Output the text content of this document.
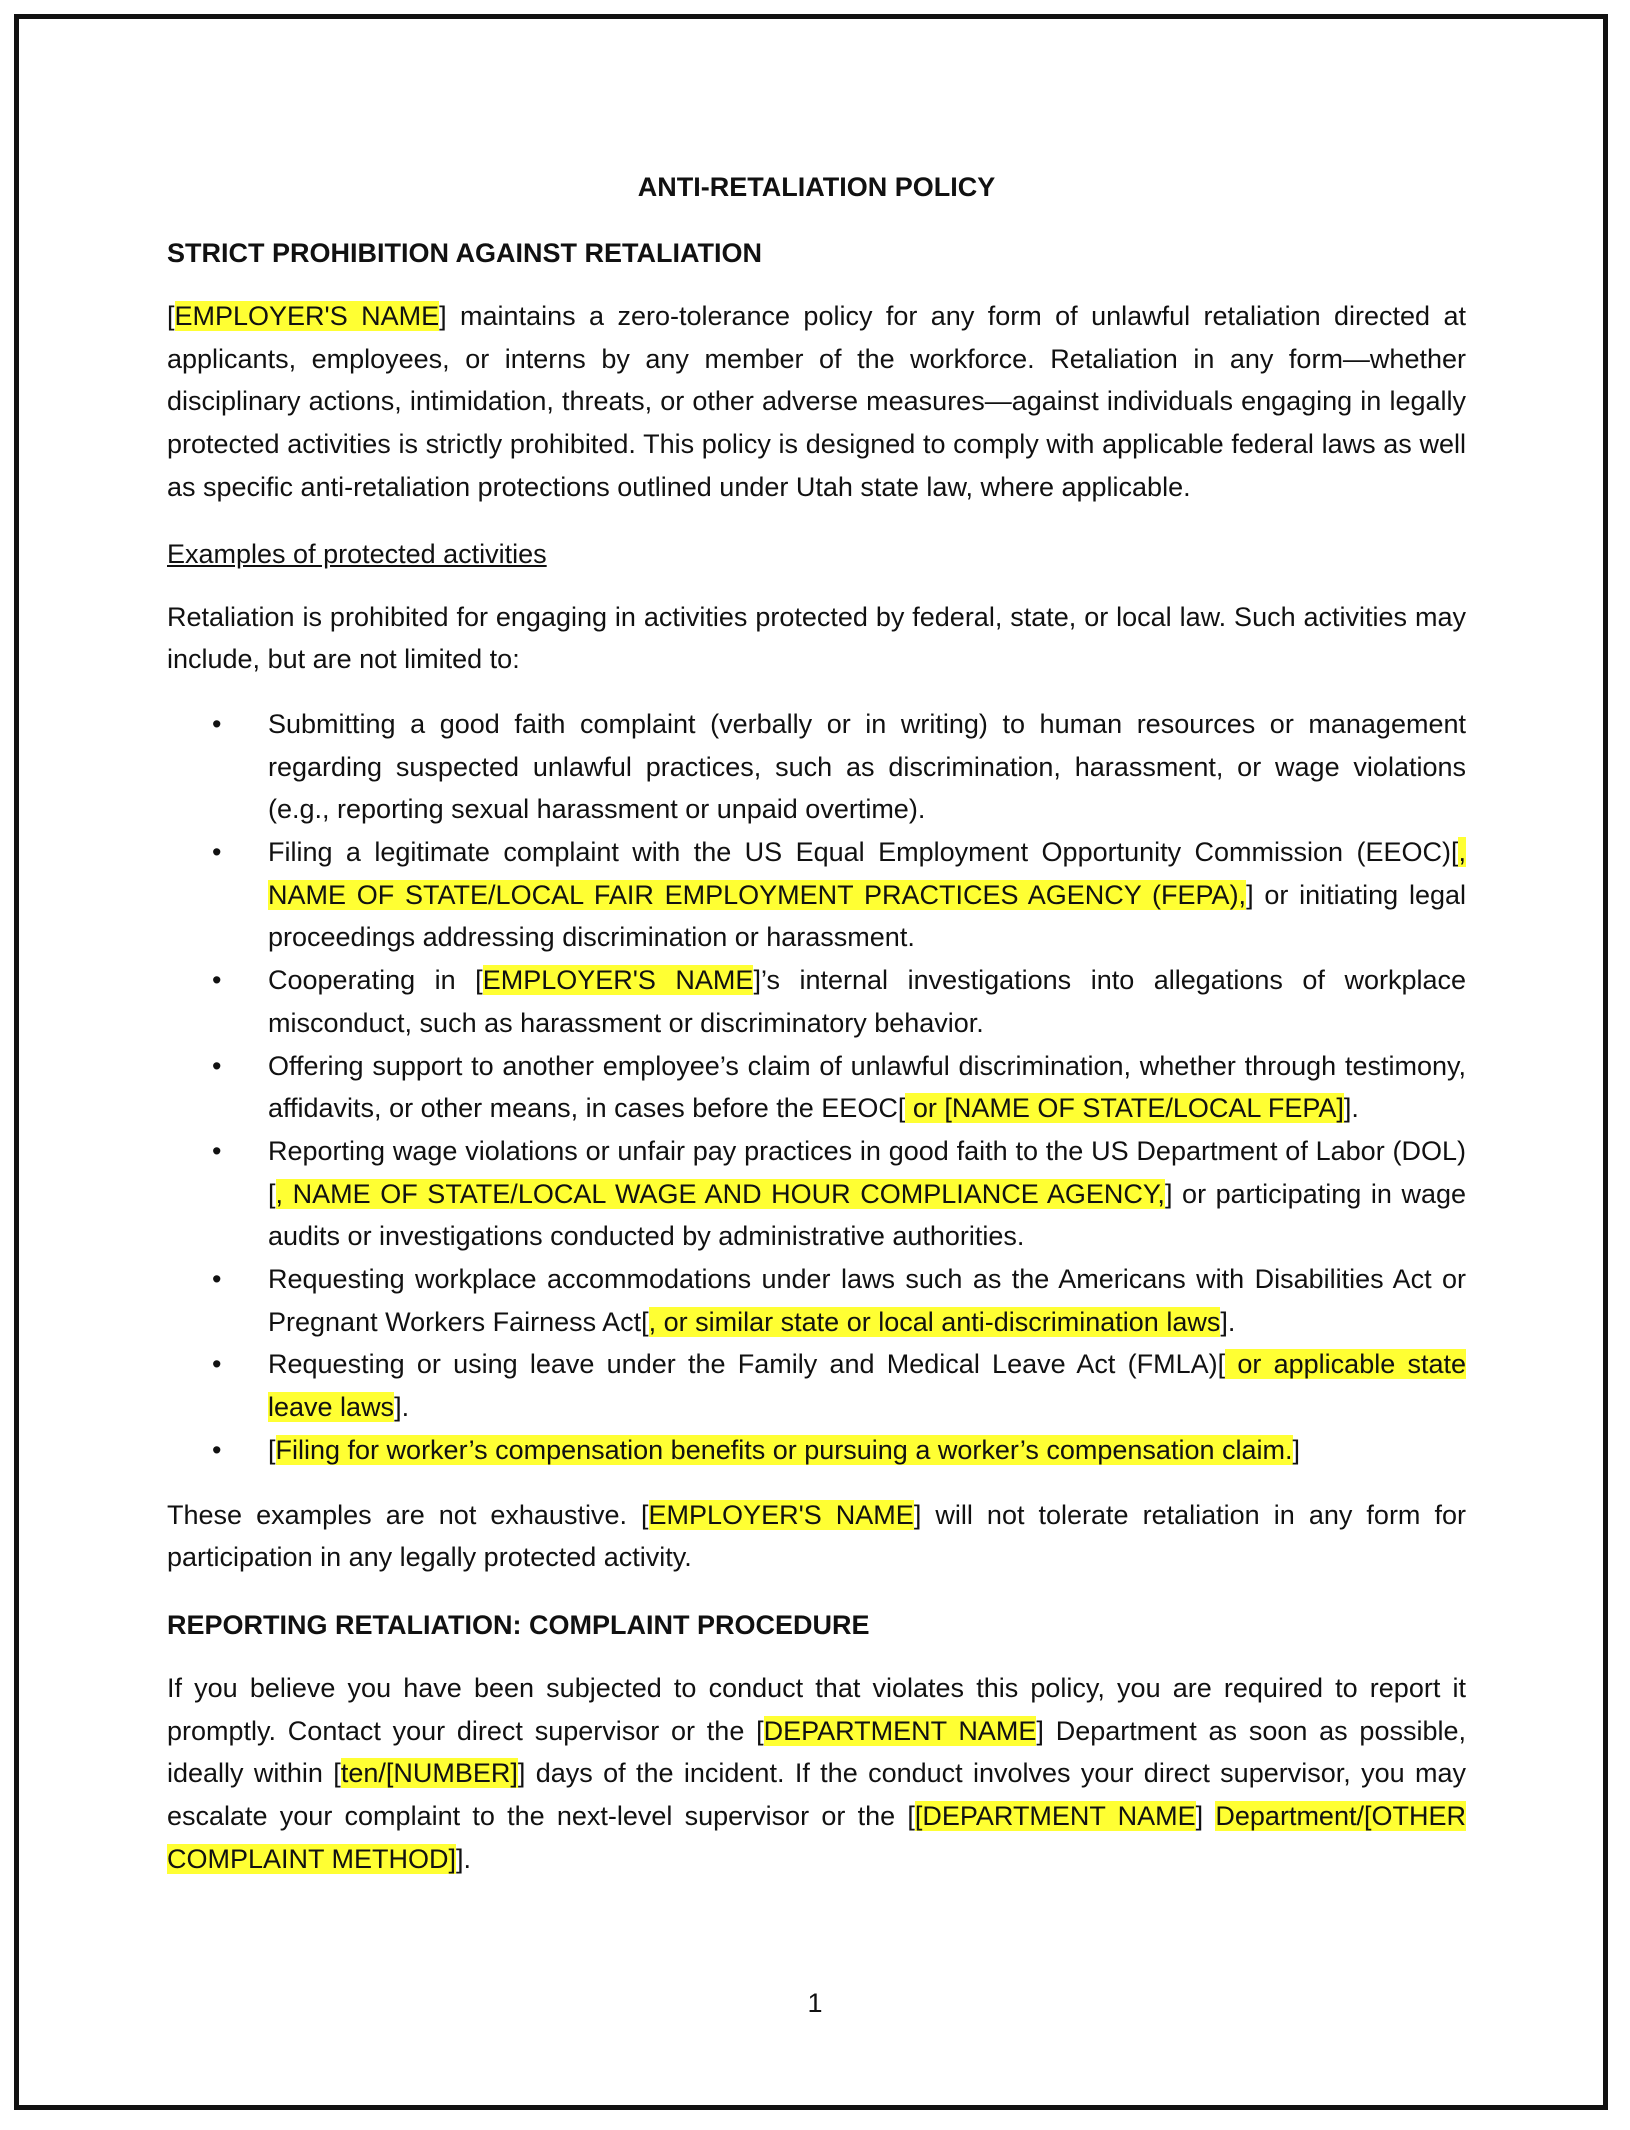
ANTI-RETALIATION POLICY
STRICT PROHIBITION AGAINST RETALIATION

[EMPLOYER'S NAME] maintains a zero-tolerance policy for any form of unlawful retaliation directed at applicants, employees, or interns by any member of the workforce. Retaliation in any form—whether disciplinary actions, intimidation, threats, or other adverse measures—against individuals engaging in legally protected activities is strictly prohibited. This policy is designed to comply with applicable federal laws as well as specific anti-retaliation protections outlined under Utah state law, where applicable.

Examples of protected activities

Retaliation is prohibited for engaging in activities protected by federal, state, or local law. Such activities may include, but are not limited to:

• Submitting a good faith complaint (verbally or in writing) to human resources or management regarding suspected unlawful practices, such as discrimination, harassment, or wage violations (e.g., reporting sexual harassment or unpaid overtime).
• Filing a legitimate complaint with the US Equal Employment Opportunity Commission (EEOC)[, NAME OF STATE/LOCAL FAIR EMPLOYMENT PRACTICES AGENCY (FEPA),] or initiating legal proceedings addressing discrimination or harassment.
• Cooperating in [EMPLOYER'S NAME]’s internal investigations into allegations of workplace misconduct, such as harassment or discriminatory behavior.
• Offering support to another employee’s claim of unlawful discrimination, whether through testimony, affidavits, or other means, in cases before the EEOC[ or [NAME OF STATE/LOCAL FEPA]].
• Reporting wage violations or unfair pay practices in good faith to the US Department of Labor (DOL)[, NAME OF STATE/LOCAL WAGE AND HOUR COMPLIANCE AGENCY,] or participating in wage audits or investigations conducted by administrative authorities.
• Requesting workplace accommodations under laws such as the Americans with Disabilities Act or Pregnant Workers Fairness Act[, or similar state or local anti-discrimination laws].
• Requesting or using leave under the Family and Medical Leave Act (FMLA)[ or applicable state leave laws].
• [Filing for worker’s compensation benefits or pursuing a worker’s compensation claim.]

These examples are not exhaustive. [EMPLOYER'S NAME] will not tolerate retaliation in any form for participation in any legally protected activity.

REPORTING RETALIATION: COMPLAINT PROCEDURE

If you believe you have been subjected to conduct that violates this policy, you are required to report it promptly. Contact your direct supervisor or the [DEPARTMENT NAME] Department as soon as possible, ideally within [ten/[NUMBER]] days of the incident. If the conduct involves your direct supervisor, you may escalate your complaint to the next-level supervisor or the [[DEPARTMENT NAME] Department/[OTHER COMPLAINT METHOD]].

1
